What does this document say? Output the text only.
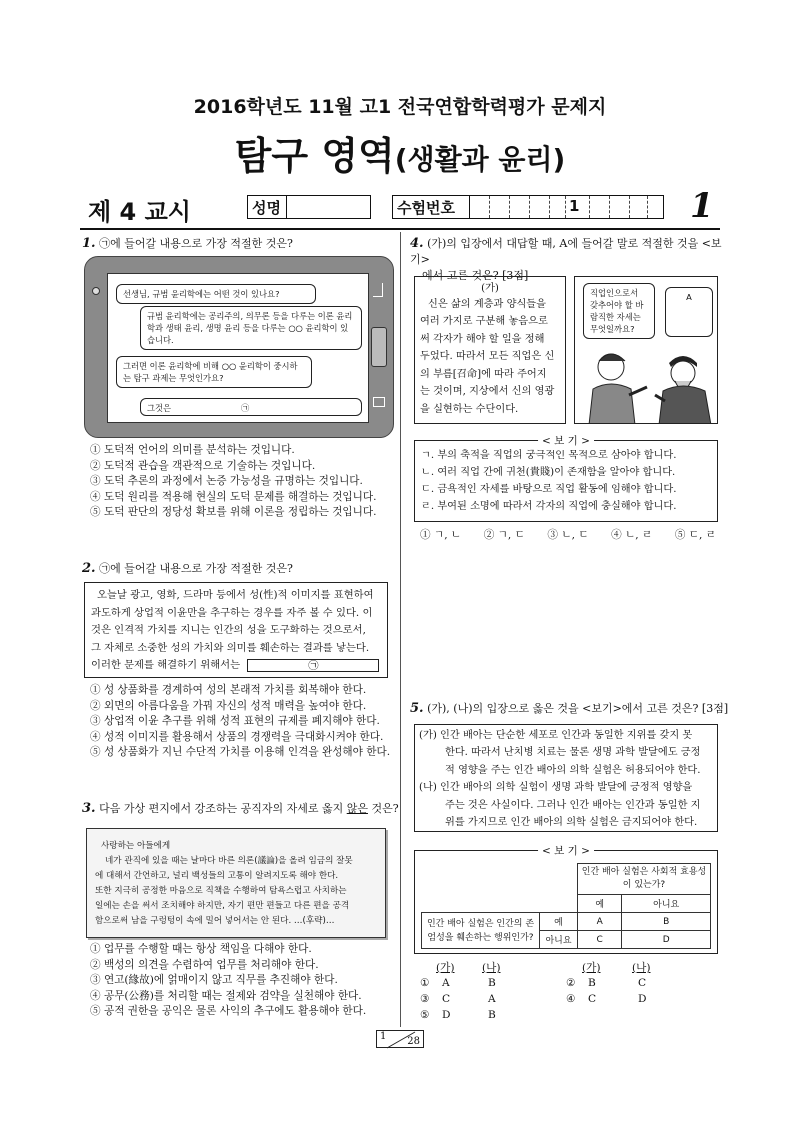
2016학년도 11월 고1 전국연합학력평가 문제지
탐구 영역(생활과 윤리)
제 4 교시	성명	수험번호	1	1
1. ㉠에 들어갈 내용으로 가장 적절한 것은?
선생님, 규범 윤리학에는 어떤 것이 있나요?
규범 윤리학에는 공리주의, 의무론 등을 다루는 이론 윤리학과 생태 윤리, 생명 윤리 등을 다루는 ○○ 윤리학이 있습니다.
그러면 이론 윤리학에 비해 ○○ 윤리학이 중시하는 탐구 과제는 무엇인가요?
그것은	㉠
① 도덕적 언어의 의미를 분석하는 것입니다.
② 도덕적 관습을 객관적으로 기술하는 것입니다.
③ 도덕 추론의 과정에서 논증 가능성을 규명하는 것입니다.
④ 도덕 원리를 적용해 현실의 도덕 문제를 해결하는 것입니다.
⑤ 도덕 판단의 정당성 확보를 위해 이론을 정립하는 것입니다.
2. ㉠에 들어갈 내용으로 가장 적절한 것은?
오늘날 광고, 영화, 드라마 등에서 성(性)적 이미지를 표현하여
과도하게 상업적 이윤만을 추구하는 경우를 자주 볼 수 있다. 이
것은 인격적 가치를 지니는 인간의 성을 도구화하는 것으로서,
그 자체로 소중한 성의 가치와 의미를 훼손하는 결과를 낳는다.
이러한 문제를 해결하기 위해서는	㉠
① 성 상품화를 경계하여 성의 본래적 가치를 회복해야 한다.
② 외면의 아름다움을 가꿔 자신의 성적 매력을 높여야 한다.
③ 상업적 이윤 추구를 위해 성적 표현의 규제를 폐지해야 한다.
④ 성적 이미지를 활용해서 상품의 경쟁력을 극대화시켜야 한다.
⑤ 성 상품화가 지닌 수단적 가치를 이용해 인격을 완성해야 한다.
3. 다음 가상 편지에서 강조하는 공직자의 자세로 옳지 않은 것은?
사랑하는 아들에게
네가 관직에 있을 때는 날마다 바른 의론(議論)을 올려 임금의 잘못
에 대해서 간언하고, 널리 백성들의 고통이 알려지도록 해야 한다.
또한 지극히 공정한 마음으로 직책을 수행하여 탐욕스럽고 사치하는
일에는 손을 써서 조치해야 하지만, 자기 편만 편들고 다른 편을 공격
함으로써 남을 구렁텅이 속에 밀어 넣어서는 안 된다. …(후략)…
① 업무를 수행할 때는 항상 책임을 다해야 한다.
② 백성의 의견을 수렴하여 업무를 처리해야 한다.
③ 연고(緣故)에 얽매이지 않고 직무를 추진해야 한다.
④ 공무(公務)를 처리할 때는 절제와 검약을 실천해야 한다.
⑤ 공적 권한을 공익은 물론 사익의 추구에도 활용해야 한다.
4. (가)의 입장에서 대답할 때, A에 들어갈 말로 적절한 것을 <보기>
에서 고른 것은? [3점]
(가)
신은 삶의 계층과 양식들을
여러 가지로 구분해 놓음으로
써 각자가 해야 할 일을 정해
두었다. 따라서 모든 직업은 신
의 부름[召命]에 따라 주어지
는 것이며, 지상에서 신의 영광
을 실현하는 수단이다.
직업인으로서 갖추어야 할 바람직한 자세는 무엇일까요?
A
< 보 기 >
ㄱ. 부의 축적을 직업의 궁극적인 목적으로 삼아야 합니다.
ㄴ. 여러 직업 간에 귀천(貴賤)이 존재함을 알아야 합니다.
ㄷ. 금욕적인 자세를 바탕으로 직업 활동에 임해야 합니다.
ㄹ. 부여된 소명에 따라서 각자의 직업에 충실해야 합니다.
① ㄱ, ㄴ ② ㄱ, ㄷ ③ ㄴ, ㄷ ④ ㄴ, ㄹ ⑤ ㄷ, ㄹ
5. (가), (나)의 입장으로 옳은 것을 <보기>에서 고른 것은? [3점]
(가) 인간 배아는 단순한 세포로 인간과 동일한 지위를 갖지 못
한다. 따라서 난치병 치료는 물론 생명 과학 발달에도 긍정
적 영향을 주는 인간 배아의 의학 실험은 허용되어야 한다.
(나) 인간 배아의 의학 실험이 생명 과학 발달에 긍정적 영향을
주는 것은 사실이다. 그러나 인간 배아는 인간과 동일한 지
위를 가지므로 인간 배아의 의학 실험은 금지되어야 한다.
< 보 기 >
		인간 배아 실험은 사회적 효용성이 있는가?	
		예	아니요
인간 배아 실험은 인간의 존엄성을 훼손하는 행위인가?	예	A	B
	아니요	C	D
(가)	(나)	(가)	(나)
① A	B	② B	C
③ C	A	④ C	D
⑤ D	B
1 28
